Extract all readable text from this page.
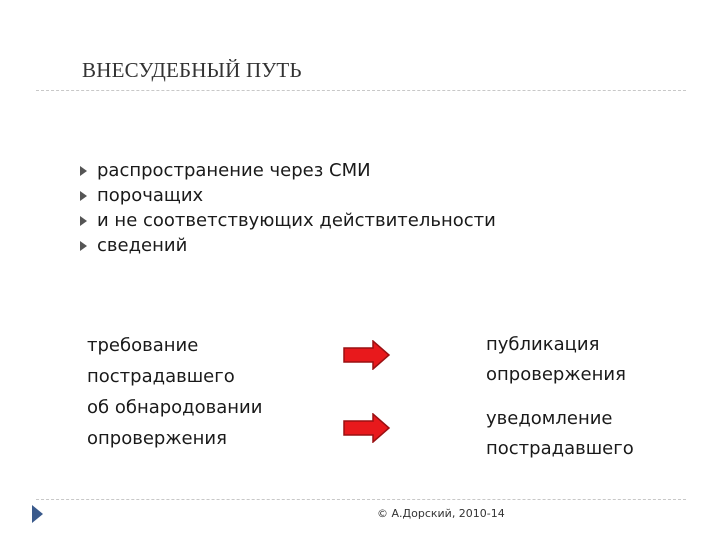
ВНЕСУДЕБНЫЙ ПУТЬ
распространение через СМИ
порочащих
и не соответствующих действительности
сведений
требование
пострадавшего
об обнародовании
опровержения
публикация
опровержения
уведомление
пострадавшего
© А.Дорский, 2010-14
